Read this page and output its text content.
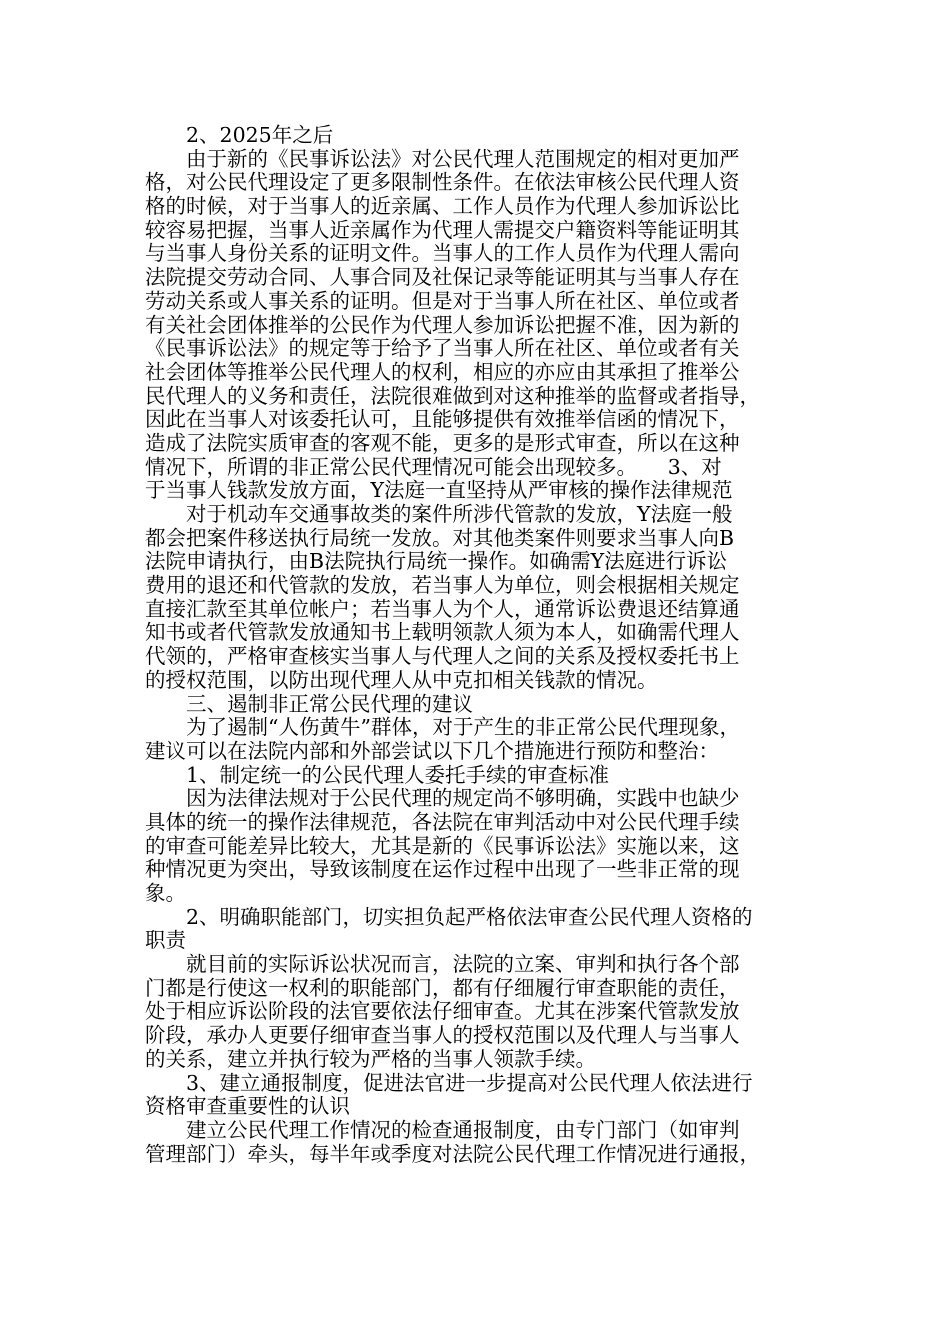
　　2、2025年之后
　　由于新的《民事诉讼法》对公民代理人范围规定的相对更加严
格，对公民代理设定了更多限制性条件。在依法审核公民代理人资
格的时候，对于当事人的近亲属、工作人员作为代理人参加诉讼比
较容易把握，当事人近亲属作为代理人需提交户籍资料等能证明其
与当事人身份关系的证明文件。当事人的工作人员作为代理人需向
法院提交劳动合同、人事合同及社保记录等能证明其与当事人存在
劳动关系或人事关系的证明。但是对于当事人所在社区、单位或者
有关社会团体推举的公民作为代理人参加诉讼把握不准，因为新的
《民事诉讼法》的规定等于给予了当事人所在社区、单位或者有关
社会团体等推举公民代理人的权利，相应的亦应由其承担了推举公
民代理人的义务和责任，法院很难做到对这种推举的监督或者指导，
因此在当事人对该委托认可，且能够提供有效推举信函的情况下，
造成了法院实质审查的客观不能，更多的是形式审查，所以在这种
情况下，所谓的非正常公民代理情况可能会出现较多。　　3、对
于当事人钱款发放方面，Y法庭一直坚持从严审核的操作法律规范
　　对于机动车交通事故类的案件所涉代管款的发放，Y法庭一般
都会把案件移送执行局统一发放。对其他类案件则要求当事人向B
法院申请执行，由B法院执行局统一操作。如确需Y法庭进行诉讼
费用的退还和代管款的发放，若当事人为单位，则会根据相关规定
直接汇款至其单位帐户；若当事人为个人，通常诉讼费退还结算通
知书或者代管款发放通知书上载明领款人须为本人，如确需代理人
代领的，严格审查核实当事人与代理人之间的关系及授权委托书上
的授权范围，以防出现代理人从中克扣相关钱款的情况。
　　三、遏制非正常公民代理的建议
　　为了遏制“人伤黄牛”群体，对于产生的非正常公民代理现象，
建议可以在法院内部和外部尝试以下几个措施进行预防和整治：
　　1、制定统一的公民代理人委托手续的审查标准
　　因为法律法规对于公民代理的规定尚不够明确，实践中也缺少
具体的统一的操作法律规范，各法院在审判活动中对公民代理手续
的审查可能差异比较大，尤其是新的《民事诉讼法》实施以来，这
种情况更为突出，导致该制度在运作过程中出现了一些非正常的现
象。
　　2、明确职能部门，切实担负起严格依法审查公民代理人资格的
职责
　　就目前的实际诉讼状况而言，法院的立案、审判和执行各个部
门都是行使这一权利的职能部门，都有仔细履行审查职能的责任，
处于相应诉讼阶段的法官要依法仔细审查。尤其在涉案代管款发放
阶段，承办人更要仔细审查当事人的授权范围以及代理人与当事人
的关系，建立并执行较为严格的当事人领款手续。
　　3、建立通报制度，促进法官进一步提高对公民代理人依法进行
资格审查重要性的认识
　　建立公民代理工作情况的检查通报制度，由专门部门（如审判
管理部门）牵头，每半年或季度对法院公民代理工作情况进行通报，
